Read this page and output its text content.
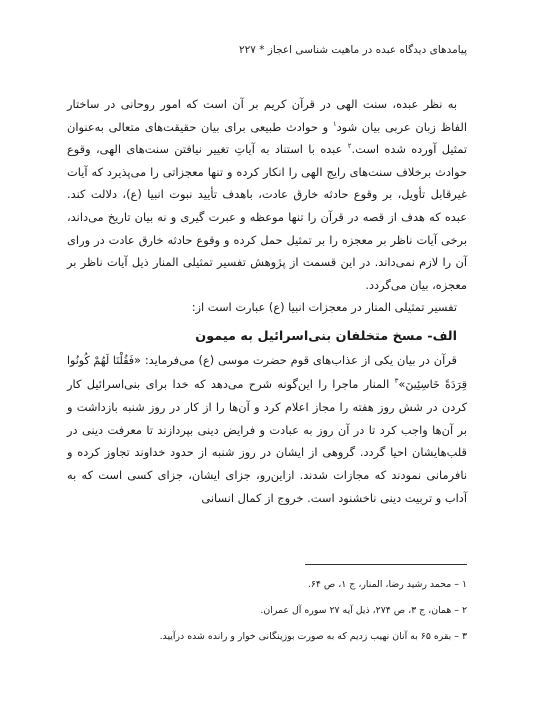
پیامدهای دیدگاه عبده در ماهیت شناسی اعجاز * ۲۲۷

به نظر عبده، سنت الهی در قرآن کریم بر آن است که امور روحانی در ساختار الفاظ زبان عربی بیان شود$^۱$ و حوادث طبیعی برای بیان حقیقت‌های متعالی به‌عنوان تمثیل آورده شده است.$^۲$ عبده با استناد به آیاتِ تغییر نیافتن سنت‌های الهی، وقوع حوادث برخلاف سنت‌های رایج الهی را انکار کرده و تنها معجزاتی را می‌پذیرد که آیات غیرقابل تأویل، بر وقوع حادثه خارق عادت، باهدف تأیید نبوت انبیا (ع)، دلالت کند. عبده که هدف از قصه در قرآن را تنها موعظه و عبرت گیری و نه بیان تاریخ می‌داند، برخی آیات ناظر بر معجزه را بر تمثیل حمل کرده و وقوع حادثه خارق عادت در ورای آن را لازم نمی‌داند. در این قسمت از پژوهش تفسیر تمثیلی المنار ذیل آیات ناظر بر معجزه، بیان می‌گردد.

تفسیر تمثیلی المنار در معجزات انبیا (ع) عبارت است از:

الف- مسخ متخلفان بنی‌اسرائیل به میمون

قرآن در بیان یکی از عذاب‌های قوم حضرت موسی (ع) می‌فرماید: «فَقُلْنَا لَهُمْ كُونُوا قِرَدَةً خَاسِئِينَ»$^۳$ المنار ماجرا را این‌گونه شرح می‌دهد که خدا برای بنی‌اسرائیل کار کردن در شش روز هفته را مجاز اعلام کرد و آن‌ها را از کار در روز شنبه بازداشت و بر آن‌ها واجب کرد تا در آن روز به عبادت و فرایض دینی بپردازند تا معرفت دینی در قلب‌هایشان احیا گردد. گروهی از ایشان در روز شنبه از حدود خداوند تجاوز کرده و نافرمانی نمودند که مجازات شدند. ازاین‌رو، جزای ایشان، جزای کسی است که به آداب و تربیت دینی ناخشنود است. خروج از کمال انسانی

۱ – محمد رشید رضا، المنار، ج ۱، ص ۶۴.

۲ – همان، ج ۳، ص ۲۷۴، ذیل آیه ۲۷ سوره آل عمران.

۳ – بقره ۶۵ به آنان نهیب زدیم که به صورت بوزینگانی خوار و رانده شده درآیید.
